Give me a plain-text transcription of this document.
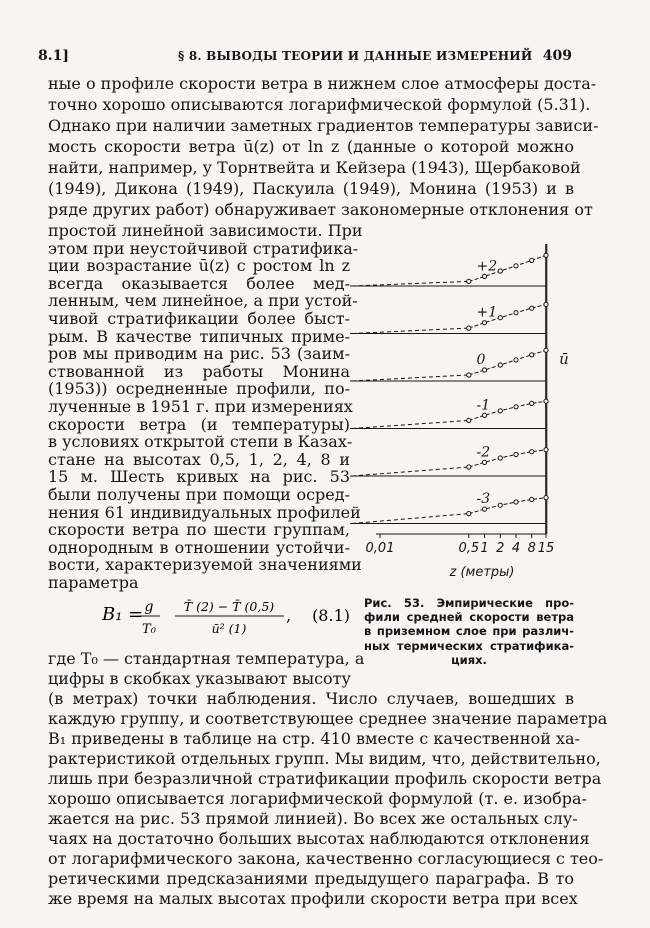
8.1]	§ 8. ВЫВОДЫ ТЕОРИИ И ДАННЫЕ ИЗМЕРЕНИЙ 409
ные о профиле скорости ветра в нижнем слое атмосферы доста-
точно хорошо описываются логарифмической формулой (5.31).
Однако при наличии заметных градиентов температуры зависи-
мость скорости ветра ū(z) от ln z (данные о которой можно
найти, например, у Торнтвейта и Кейзера (1943), Щербаковой
(1949), Дикона (1949), Паскуила (1949), Монина (1953) и в
ряде других работ) обнаруживает закономерные отклонения от
простой линейной зависимости. При
этом при неустойчивой стратифика-
ции возрастание ū(z) с ростом ln z
всегда оказывается более мед-
ленным, чем линейное, а при устой-
чивой стратификации более быст-
рым. В качестве типичных приме-
ров мы приводим на рис. 53 (заим-
ствованной из работы Монина
(1953)) осредненные профили, по-
лученные в 1951 г. при измерениях
скорости ветра (и температуры)
в условиях открытой степи в Казах-
стане на высотах 0,5, 1, 2, 4, 8 и
15 м. Шесть кривых на рис. 53
были получены при помощи осред-
нения 61 индивидуальных профилей
скорости ветра по шести группам,
однородным в отношении устойчи-
вости, характеризуемой значениями
параметра
B₁ = g
T₀
T̄ (2) − T̄ (0,5)
ū² (1)
, (8.1)
где T₀ — стандартная температура, а
цифры в скобках указывают высоту
(в метрах) точки наблюдения. Число случаев, вошедших в
каждую группу, и соответствующее среднее значение параметра
B₁ приведены в таблице на стр. 410 вместе с качественной ха-
рактеристикой отдельных групп. Мы видим, что, действительно,
лишь при безразличной стратификации профиль скорости ветра
хорошо описывается логарифмической формулой (т. е. изобра-
жается на рис. 53 прямой линией). Во всех же остальных слу-
чаях на достаточно больших высотах наблюдаются отклонения
от логарифмического закона, качественно согласующиеся с тео-
ретическими предсказаниями предыдущего параграфа. В то
же время на малых высотах профили скорости ветра при всех
ū
+2
+1
0
-1
-2
-3
0,01	0,5 1 2 4 8 15
z (метры)
Рис. 53. Эмпирические про-
фили средней скорости ветра
в приземном слое при различ-
ных термических стратифика-
циях.
